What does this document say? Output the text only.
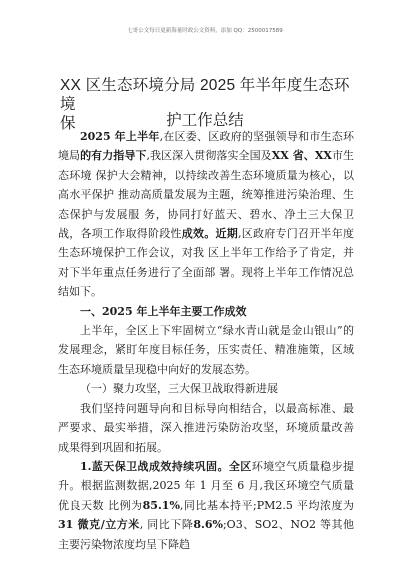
七哥公文每日更新海量时政公文资料，添加 QQ：2500017589
XX 区生态环境分局 2025 年半年度生态环境
保	护工作总结

2025 年上半年,在区委、区政府的坚强领导和市生态环境局的有力指导下,我区深入贯彻落实全国及XX 省、XX市生态环境 保护大会精神，以持续改善生态环境质量为核心，以高水平保护 推动高质量发展为主题，统筹推进污染治理、生态保护与发展服 务，协同打好蓝天、碧水、净土三大保卫战，各项工作取得阶段性成效。近期,区政府专门召开半年度生态环境保护工作会议，对我 区上半年工作给予了肯定，并对下半年重点任务进行了全面部 署。现将上半年工作情况总结如下。

一、2025 年上半年主要工作成效

上半年，全区上下牢固树立“绿水青山就是金山银山”的发展理念，紧盯年度目标任务，压实责任、精准施策，区域生态环境质量呈现稳中向好的发展态势。

（一）聚力攻坚，三大保卫战取得新进展

我们坚持问题导向和目标导向相结合，以最高标准、最严要求、最实举措，深入推进污染防治攻坚，环境质量改善成果得到巩固和拓展。

1.蓝天保卫战成效持续巩固。全区环境空气质量稳步提升。根据监测数据,2025 年 1 月至 6 月,我区环境空气质量优良天数 比例为85.1%,同比基本持平;PM2.5 平均浓度为31 微克/立方米, 同比下降8.6%;O3、SO2、NO2 等其他主要污染物浓度均呈下降趋
